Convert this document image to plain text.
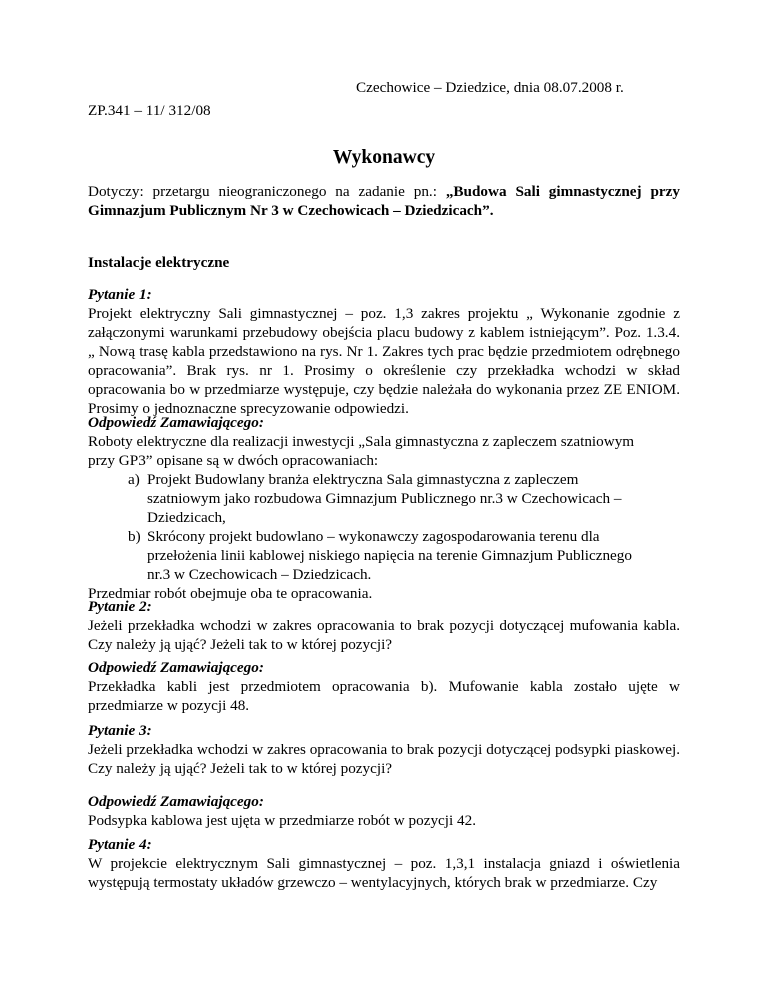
Czechowice – Dziedzice, dnia 08.07.2008 r.
ZP.341 – 11/ 312/08
Wykonawcy
Dotyczy: przetargu nieograniczonego na zadanie pn.: „Budowa Sali gimnastycznej przy Gimnazjum Publicznym Nr 3 w Czechowicach – Dziedzicach”.
Instalacje elektryczne
Pytanie 1:
Projekt elektryczny Sali gimnastycznej – poz. 1,3 zakres projektu „ Wykonanie zgodnie z załączonymi warunkami przebudowy obejścia placu budowy z kablem istniejącym”. Poz. 1.3.4. „ Nową trasę kabla przedstawiono na rys. Nr 1. Zakres tych prac będzie przedmiotem odrębnego opracowania”. Brak rys. nr 1. Prosimy o określenie czy przekładka wchodzi w skład opracowania bo w przedmiarze występuje, czy będzie należała do wykonania przez ZE ENIOM. Prosimy o jednoznaczne sprecyzowanie odpowiedzi.
Odpowiedź Zamawiającego:
Roboty elektryczne dla realizacji inwestycji „Sala gimnastyczna z zapleczem szatniowym przy GP3” opisane są w dwóch opracowaniach:
a) Projekt Budowlany branża elektryczna Sala gimnastyczna z zapleczem szatniowym jako rozbudowa Gimnazjum Publicznego nr.3 w Czechowicach – Dziedzicach,
b) Skrócony projekt budowlano – wykonawczy zagospodarowania terenu dla przełożenia linii kablowej niskiego napięcia na terenie Gimnazjum Publicznego nr.3 w Czechowicach – Dziedzicach.
Przedmiar robót obejmuje oba te opracowania.
Pytanie 2:
Jeżeli przekładka wchodzi w zakres opracowania to brak pozycji dotyczącej mufowania kabla. Czy należy ją ująć? Jeżeli tak to w której pozycji?
Odpowiedź Zamawiającego:
Przekładka kabli jest przedmiotem opracowania b). Mufowanie kabla zostało ujęte w przedmiarze w pozycji 48.
Pytanie 3:
Jeżeli przekładka wchodzi w zakres opracowania to brak pozycji dotyczącej podsypki piaskowej. Czy należy ją ująć? Jeżeli tak to w której pozycji?
Odpowiedź Zamawiającego:
Podsypka kablowa jest ujęta w przedmiarze robót w pozycji 42.
Pytanie 4:
W projekcie elektrycznym Sali gimnastycznej – poz. 1,3,1 instalacja gniazd i oświetlenia występują termostaty układów grzewczo – wentylacyjnych, których brak w przedmiarze. Czy
